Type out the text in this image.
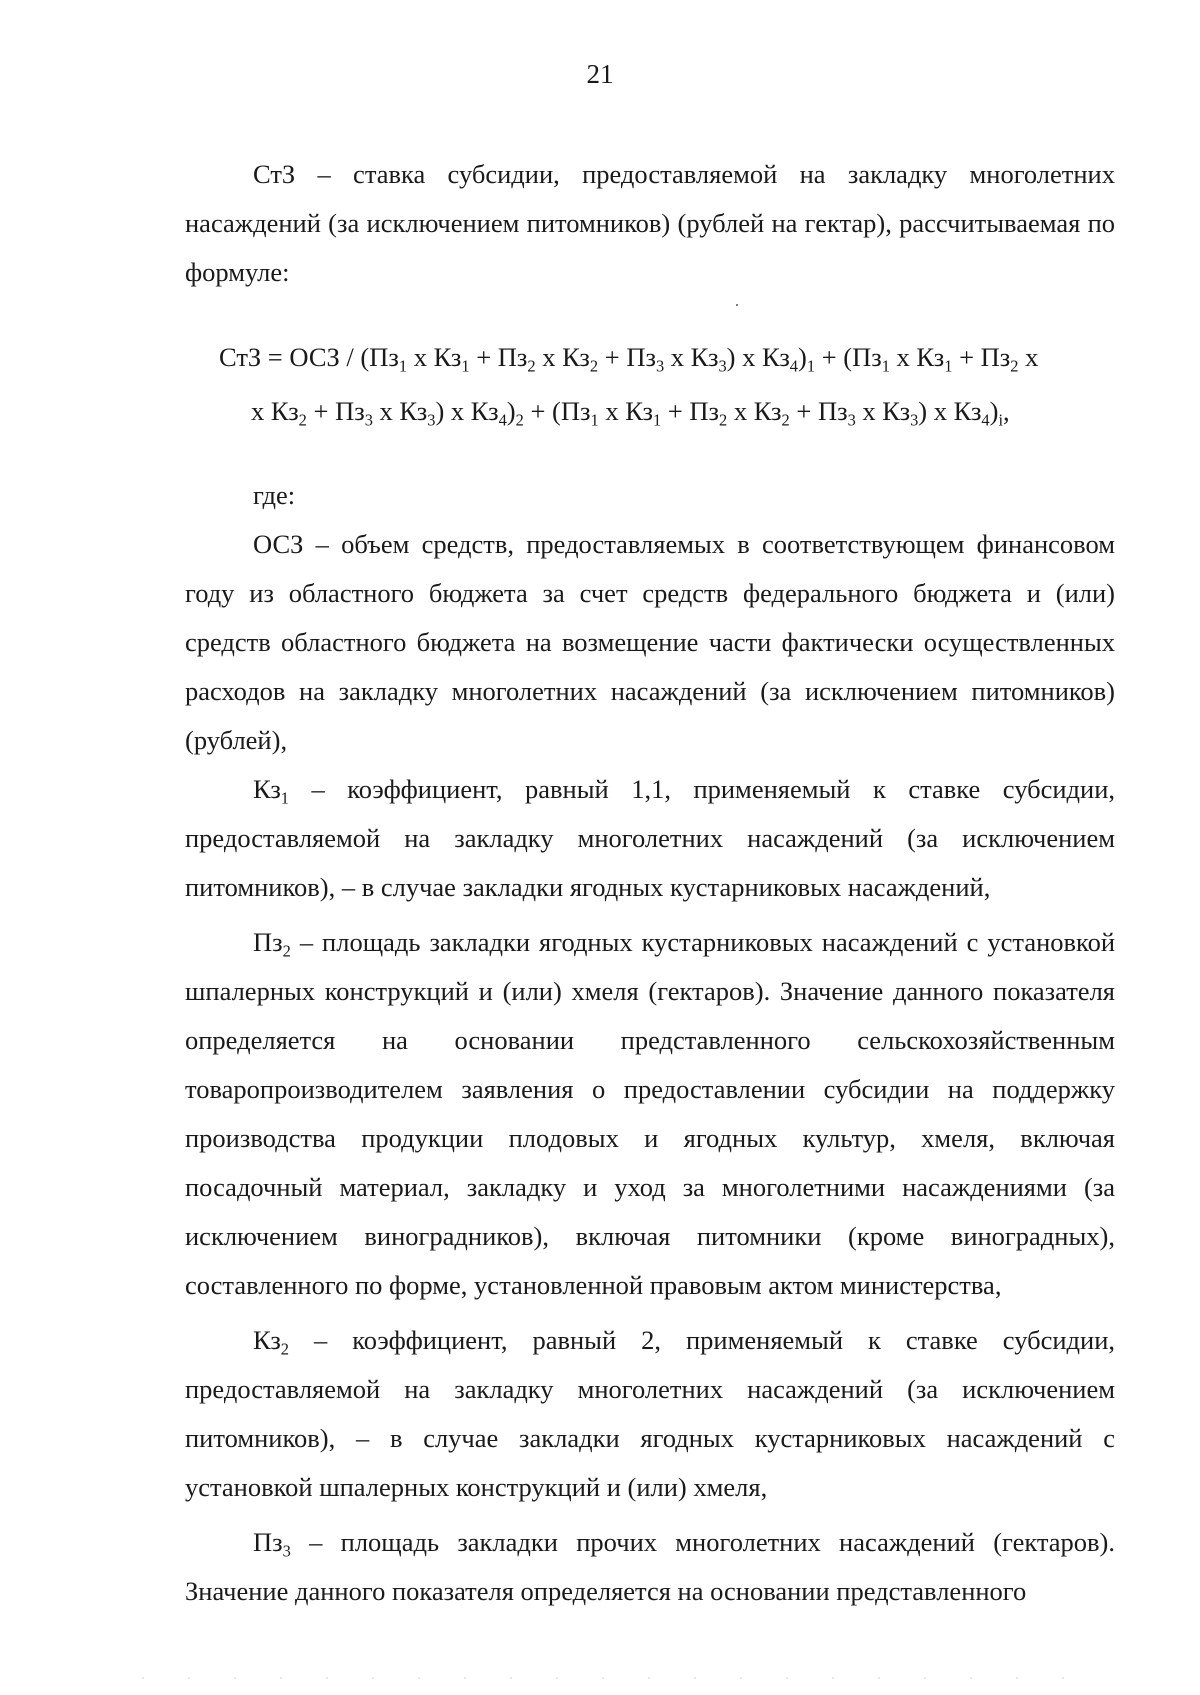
21

СтЗ – ставка субсидии, предоставляемой на закладку многолетних насаждений (за исключением питомников) (рублей на гектар), рассчитываемая по формуле:

СтЗ = ОСЗ / ($Пз_1$ х $Кз_1 + Пз_2$ х $Кз_2 + Пз_3$ х $Кз_3$) х $Кз_4)_1 + (Пз_1$ х $Кз_1 + Пз_2$ х
х $Кз_2 + Пз_3$ х $Кз_3$) х $Кз_4)_2 + (Пз_1$ х $Кз_1 + Пз_2$ х $Кз_2 + Пз_3$ х $Кз_3$) х $Кз_4)_i$,

где:

ОСЗ – объем средств, предоставляемых в соответствующем финансовом году из областного бюджета за счет средств федерального бюджета и (или) средств областного бюджета на возмещение части фактически осуществленных расходов на закладку многолетних насаждений (за исключением питомников) (рублей),

$Кз_1$ – коэффициент, равный 1,1, применяемый к ставке субсидии, предоставляемой на закладку многолетних насаждений (за исключением питомников), – в случае закладки ягодных кустарниковых насаждений,

$Пз_2$ – площадь закладки ягодных кустарниковых насаждений с установкой шпалерных конструкций и (или) хмеля (гектаров). Значение данного показателя определяется на основании представленного сельскохозяйственным товаропроизводителем заявления о предоставлении субсидии на поддержку производства продукции плодовых и ягодных культур, хмеля, включая посадочный материал, закладку и уход за многолетними насаждениями (за исключением виноградников), включая питомники (кроме виноградных), составленного по форме, установленной правовым актом министерства,

$Кз_2$ – коэффициент, равный 2, применяемый к ставке субсидии, предоставляемой на закладку многолетних насаждений (за исключением питомников), – в случае закладки ягодных кустарниковых насаждений с установкой шпалерных конструкций и (или) хмеля,

$Пз_3$ – площадь закладки прочих многолетних насаждений (гектаров). Значение данного показателя определяется на основании представленного
